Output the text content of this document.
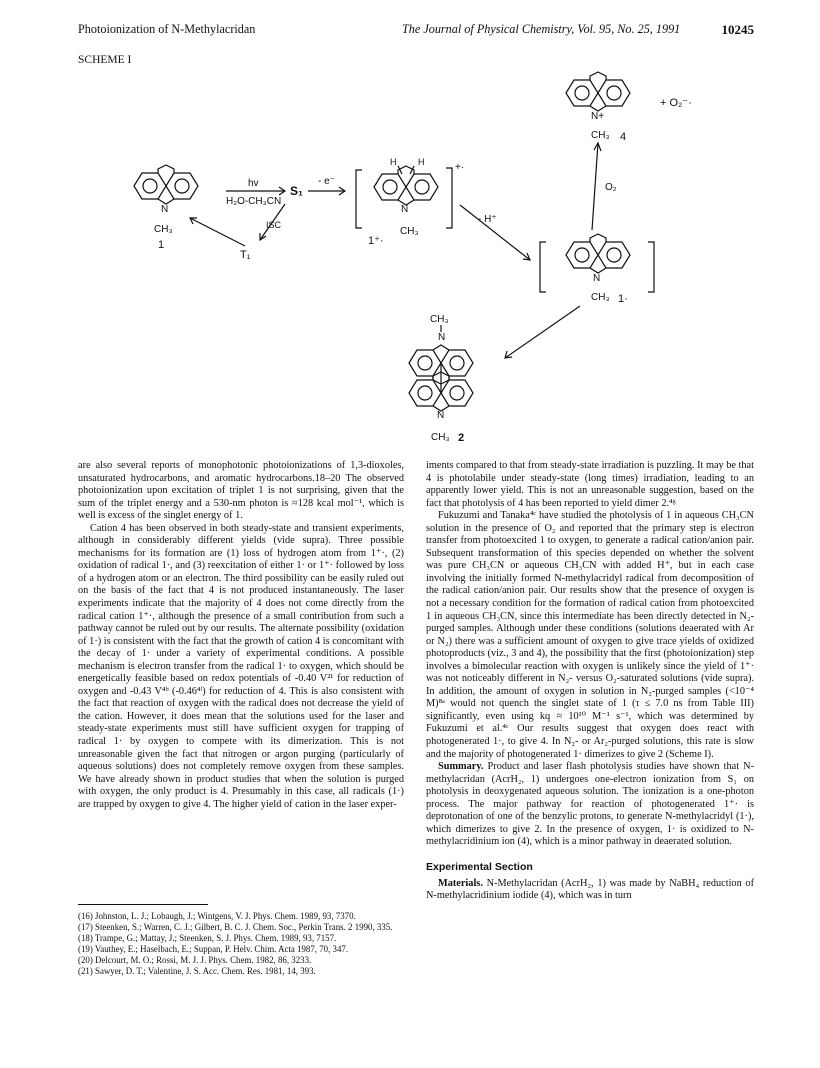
Photoionization of N-Methylacridan	The Journal of Physical Chemistry, Vol. 95, No. 25, 1991	10245
SCHEME I
N
CH₃
1
hv
H₂O-CH₃CN
S₁
- e⁻
ISC
T₁
H H
N
CH₃
+·
1⁺·
- H⁺
N
CH₃ 1·
O₂
N+
CH₃ 4
+ O₂⁻·
CH₃
N
N
CH₃ 2

are also several reports of monophotonic photoionizations of 1,3-dioxoles, unsaturated hydrocarbons, and aromatic hydrocarbons.18–20 The observed photoionization upon excitation of triplet 1 is not surprising, given that the sum of the triplet energy and a 530-nm photon is ≈128 kcal mol⁻¹, which is well is excess of the singlet energy of 1.

Cation 4 has been observed in both steady-state and transient experiments, although in considerably different yields (vide supra). Three possible mechanisms for its formation are (1) loss of hydrogen atom from 1⁺·, (2) oxidation of radical 1·, and (3) reexcitation of either 1· or 1⁺· followed by loss of a hydrogen atom or an electron. The third possibility can be easily ruled out on the basis of the fact that 4 is not produced instantaneously. The laser experiments indicate that the majority of 4 does not come directly from the radical cation 1⁺·, although the presence of a small contribution from such a pathway cannot be ruled out by our results. The alternate possibility (oxidation of 1·) is consistent with the fact that the growth of cation 4 is concomitant with the decay of 1· under a variety of experimental conditions. A possible mechanism is electron transfer from the radical 1· to oxygen, which should be energetically feasible based on redox potentials of -0.40 V²¹ for reduction of oxygen and -0.43 V⁴ᵇ (-0.46⁴ˡ) for reduction of 4. This is also consistent with the fact that reaction of oxygen with the radical does not decrease the yield of the cation. However, it does mean that the solutions used for the laser and steady-state experiments must still have sufficient oxygen for trapping of radical 1· by oxygen to compete with its dimerization. This is not unreasonable given the fact that nitrogen or argon purging (particularly of aqueous solutions) does not completely remove oxygen from these samples. We have already shown in product studies that when the solution is purged with oxygen, the only product is 4. Presumably in this case, all radicals (1·) are trapped by oxygen to give 4. The higher yield of cation in the laser exper-

(16) Johnston, L. J.; Lobaugh, J.; Wintgens, V. J. Phys. Chem. 1989, 93, 7370.
(17) Steenken, S.; Warren, C. J.; Gilbert, B. C. J. Chem. Soc., Perkin Trans. 2 1990, 335.
(18) Trampe, G.; Mattay, J.; Steenken, S. J. Phys. Chem. 1989, 93, 7157.
(19) Vauthey, E.; Haselbach, E.; Suppan, P. Helv. Chim. Acta 1987, 70, 347.
(20) Delcourt, M. O.; Rossi, M. J. J. Phys. Chem. 1982, 86, 3233.
(21) Sawyer, D. T.; Valentine, J. S. Acc. Chem. Res. 1981, 14, 393.

iments compared to that from steady-state irradiation is puzzling. It may be that 4 is photolabile under steady-state (long times) irradiation, leading to an apparently lower yield. This is not an unreasonable suggestion, based on the fact that photolysis of 4 has been reported to yield dimer 2.⁴ᵍ

Fukuzumi and Tanaka⁴ᶜ have studied the photolysis of 1 in aqueous CH₃CN solution in the presence of O₂ and reported that the primary step is electron transfer from photoexcited 1 to oxygen, to generate a radical cation/anion pair. Subsequent transformation of this species depended on whether the solvent was pure CH₃CN or aqueous CH₃CN with added H⁺, but in each case involving the initially formed N-methylacridyl radical from decomposition of the radical cation/anion pair. Our results show that the presence of oxygen is not a necessary condition for the formation of radical cation from photoexcited 1 in aqueous CH₃CN, since this intermediate has been directly detected in N₂-purged samples. Although under these conditions (solutions deaerated with Ar or N₂) there was a sufficient amount of oxygen to give trace yields of oxidized photoproducts (viz., 3 and 4), the possibility that the first (photoionization) step involves a bimolecular reaction with oxygen is unlikely since the yield of 1⁺· was not noticeably different in N₂- versus O₂-saturated solutions (vide supra). In addition, the amount of oxygen in solution in N₂-purged samples (<10⁻⁴ M)⁸ᵃ would not quench the singlet state of 1 (τ ≤ 7.0 ns from Table III) significantly, even using kq ≈ 10¹⁰ M⁻¹ s⁻¹, which was determined by Fukuzumi et al.⁴ᶜ Our results suggest that oxygen does react with photogenerated 1·, to give 4. In N₂- or Ar₂-purged solutions, this rate is slow and the majority of photogenerated 1· dimerizes to give 2 (Scheme I).

Summary. Product and laser flash photolysis studies have shown that N-methylacridan (AcrH₂, 1) undergoes one-electron ionization from S₁ on photolysis in deoxygenated aqueous solution. The ionization is a one-photon process. The major pathway for reaction of photogenerated 1⁺· is deprotonation of one of the benzylic protons, to generate N-methylacridyl (1·), which dimerizes to give 2. In the presence of oxygen, 1· is oxidized to N-methylacridinium ion (4), which is a minor pathway in deaerated solution.

Experimental Section

Materials. N-Methylacridan (AcrH₂, 1) was made by NaBH₄ reduction of N-methylacridinium iodide (4), which was in turn
